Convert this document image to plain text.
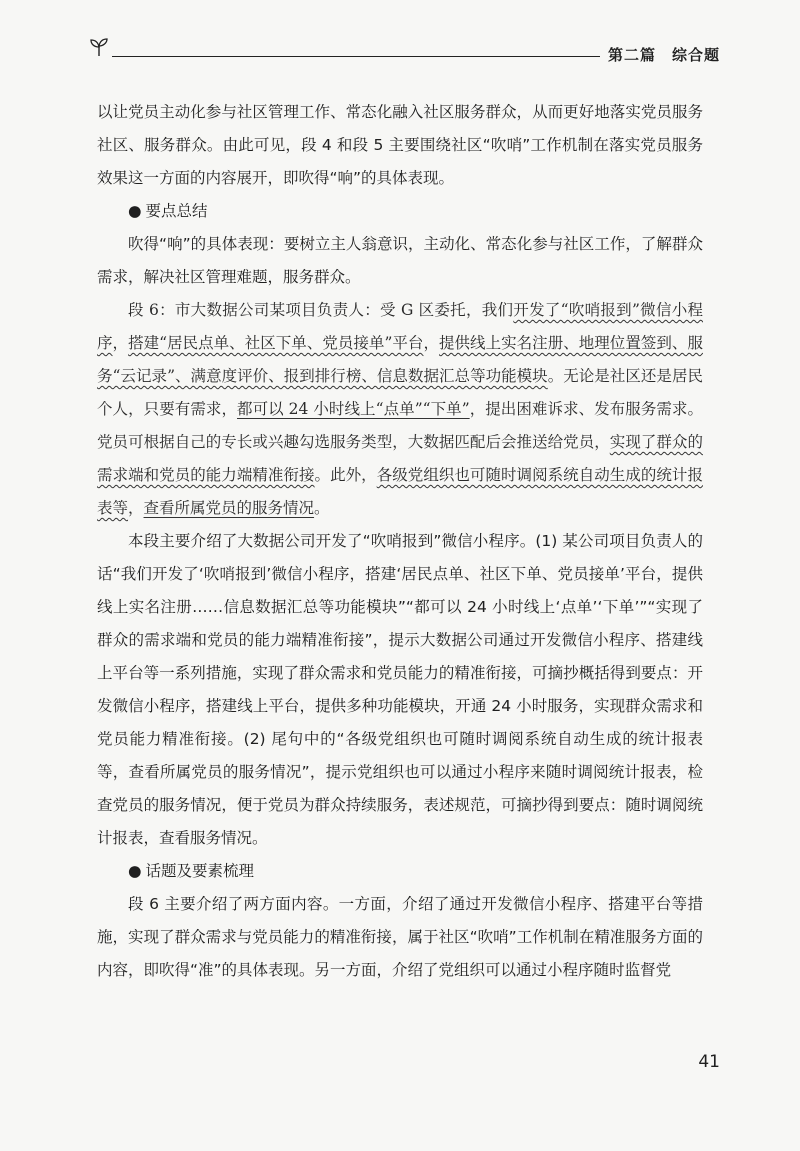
第二篇　综合题

以让党员主动化参与社区管理工作、常态化融入社区服务群众，从而更好地落实党员服务社区、服务群众。由此可见，段 4 和段 5 主要围绕社区“吹哨”工作机制在落实党员服务效果这一方面的内容展开，即吹得“响”的具体表现。

● 要点总结

吹得“响”的具体表现：要树立主人翁意识，主动化、常态化参与社区工作，了解群众需求，解决社区管理难题，服务群众。

段 6：市大数据公司某项目负责人：受 G 区委托，我们开发了“吹哨报到”微信小程序，搭建“居民点单、社区下单、党员接单”平台，提供线上实名注册、地理位置签到、服务“云记录”、满意度评价、报到排行榜、信息数据汇总等功能模块。无论是社区还是居民个人，只要有需求，都可以 24 小时线上“点单”“下单”，提出困难诉求、发布服务需求。党员可根据自己的专长或兴趣勾选服务类型，大数据匹配后会推送给党员，实现了群众的需求端和党员的能力端精准衔接。此外，各级党组织也可随时调阅系统自动生成的统计报表等，查看所属党员的服务情况。

本段主要介绍了大数据公司开发了“吹哨报到”微信小程序。(1) 某公司项目负责人的话“我们开发了‘吹哨报到’微信小程序，搭建‘居民点单、社区下单、党员接单’平台，提供线上实名注册……信息数据汇总等功能模块”“都可以 24 小时线上‘点单’‘下单’”“实现了群众的需求端和党员的能力端精准衔接”，提示大数据公司通过开发微信小程序、搭建线上平台等一系列措施，实现了群众需求和党员能力的精准衔接，可摘抄概括得到要点：开发微信小程序，搭建线上平台，提供多种功能模块，开通 24 小时服务，实现群众需求和党员能力精准衔接。(2) 尾句中的“各级党组织也可随时调阅系统自动生成的统计报表等，查看所属党员的服务情况”，提示党组织也可以通过小程序来随时调阅统计报表，检查党员的服务情况，便于党员为群众持续服务，表述规范，可摘抄得到要点：随时调阅统计报表，查看服务情况。

● 话题及要素梳理

段 6 主要介绍了两方面内容。一方面，介绍了通过开发微信小程序、搭建平台等措施，实现了群众需求与党员能力的精准衔接，属于社区“吹哨”工作机制在精准服务方面的内容，即吹得“准”的具体表现。另一方面，介绍了党组织可以通过小程序随时监督党

41
